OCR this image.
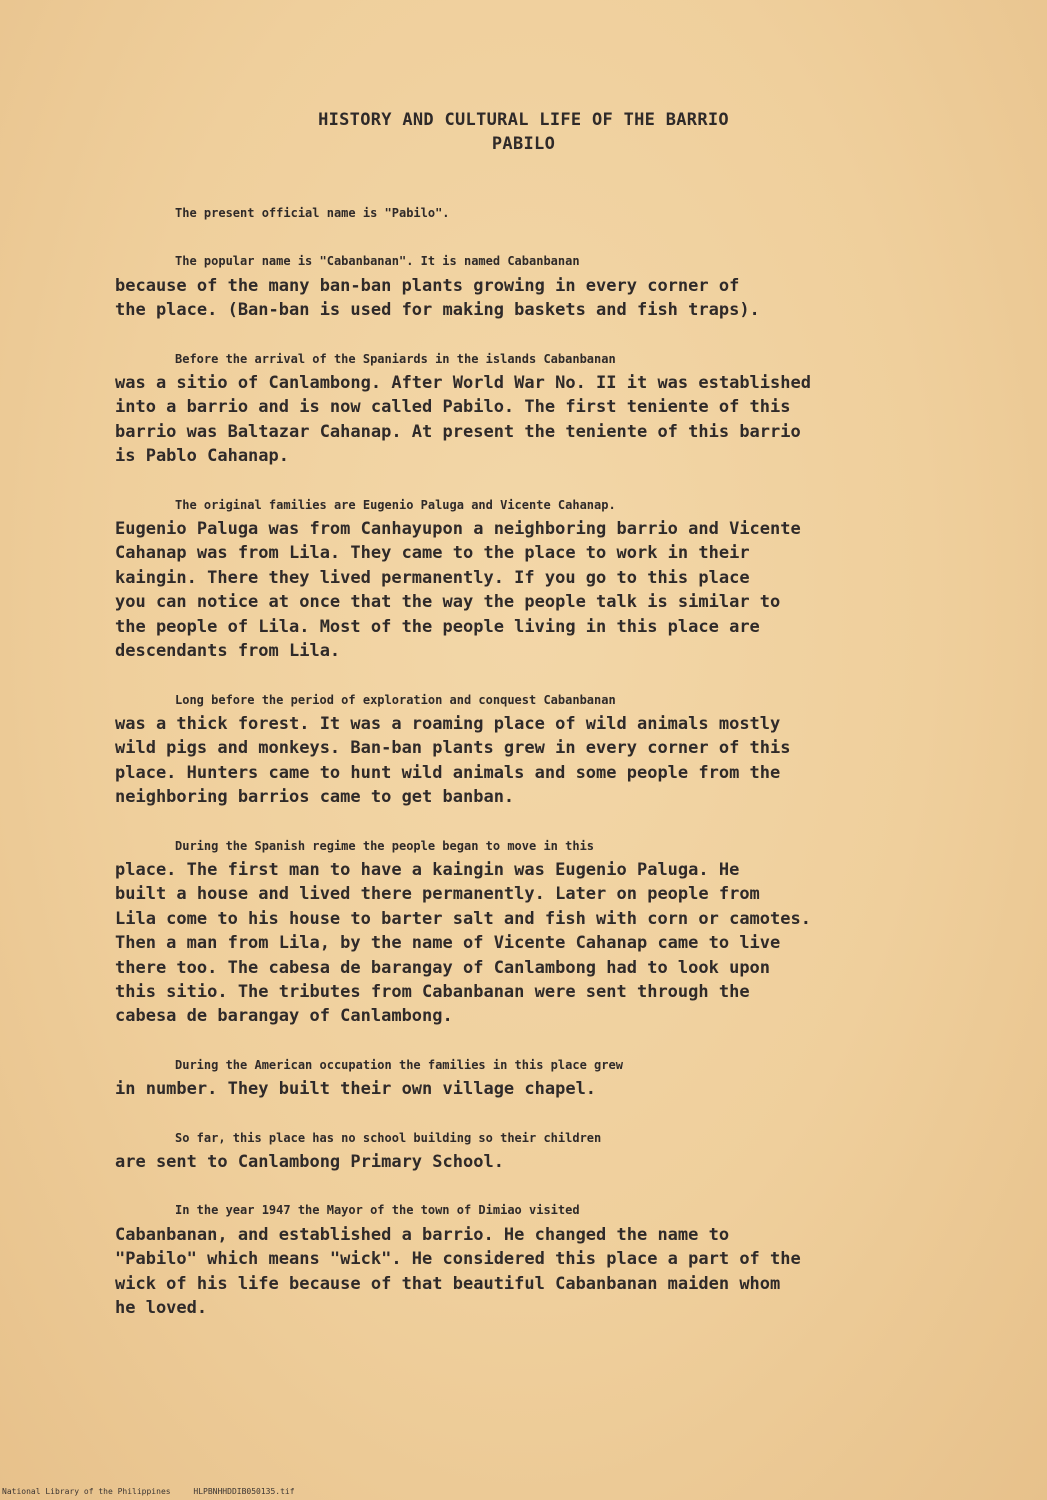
HISTORY AND CULTURAL LIFE OF THE BARRIO
PABILO

The present official name is "Pabilo".

The popular name is "Cabanbanan". It is named Cabanbanan
because of the many ban-ban plants growing in every corner of
the place. (Ban-ban is used for making baskets and fish traps).

Before the arrival of the Spaniards in the islands Cabanbanan
was a sitio of Canlambong. After World War No. II it was established
into a barrio and is now called Pabilo. The first teniente of this
barrio was Baltazar Cahanap. At present the teniente of this barrio
is Pablo Cahanap.

The original families are Eugenio Paluga and Vicente Cahanap.
Eugenio Paluga was from Canhayupon a neighboring barrio and Vicente
Cahanap was from Lila. They came to the place to work in their
kaingin. There they lived permanently. If you go to this place
you can notice at once that the way the people talk is similar to
the people of Lila. Most of the people living in this place are
descendants from Lila.

Long before the period of exploration and conquest Cabanbanan
was a thick forest. It was a roaming place of wild animals mostly
wild pigs and monkeys. Ban-ban plants grew in every corner of this
place. Hunters came to hunt wild animals and some people from the
neighboring barrios came to get banban.

During the Spanish regime the people began to move in this
place. The first man to have a kaingin was Eugenio Paluga. He
built a house and lived there permanently. Later on people from
Lila come to his house to barter salt and fish with corn or camotes.
Then a man from Lila, by the name of Vicente Cahanap came to live
there too. The cabesa de barangay of Canlambong had to look upon
this sitio. The tributes from Cabanbanan were sent through the
cabesa de barangay of Canlambong.

During the American occupation the families in this place grew
in number. They built their own village chapel.

So far, this place has no school building so their children
are sent to Canlambong Primary School.

In the year 1947 the Mayor of the town of Dimiao visited
Cabanbanan, and established a barrio. He changed the name to
"Pabilo" which means "wick". He considered this place a part of the
wick of his life because of that beautiful Cabanbanan maiden whom
he loved.

National Library of the Philippines	HLPBNHHDDIB050135.tif
